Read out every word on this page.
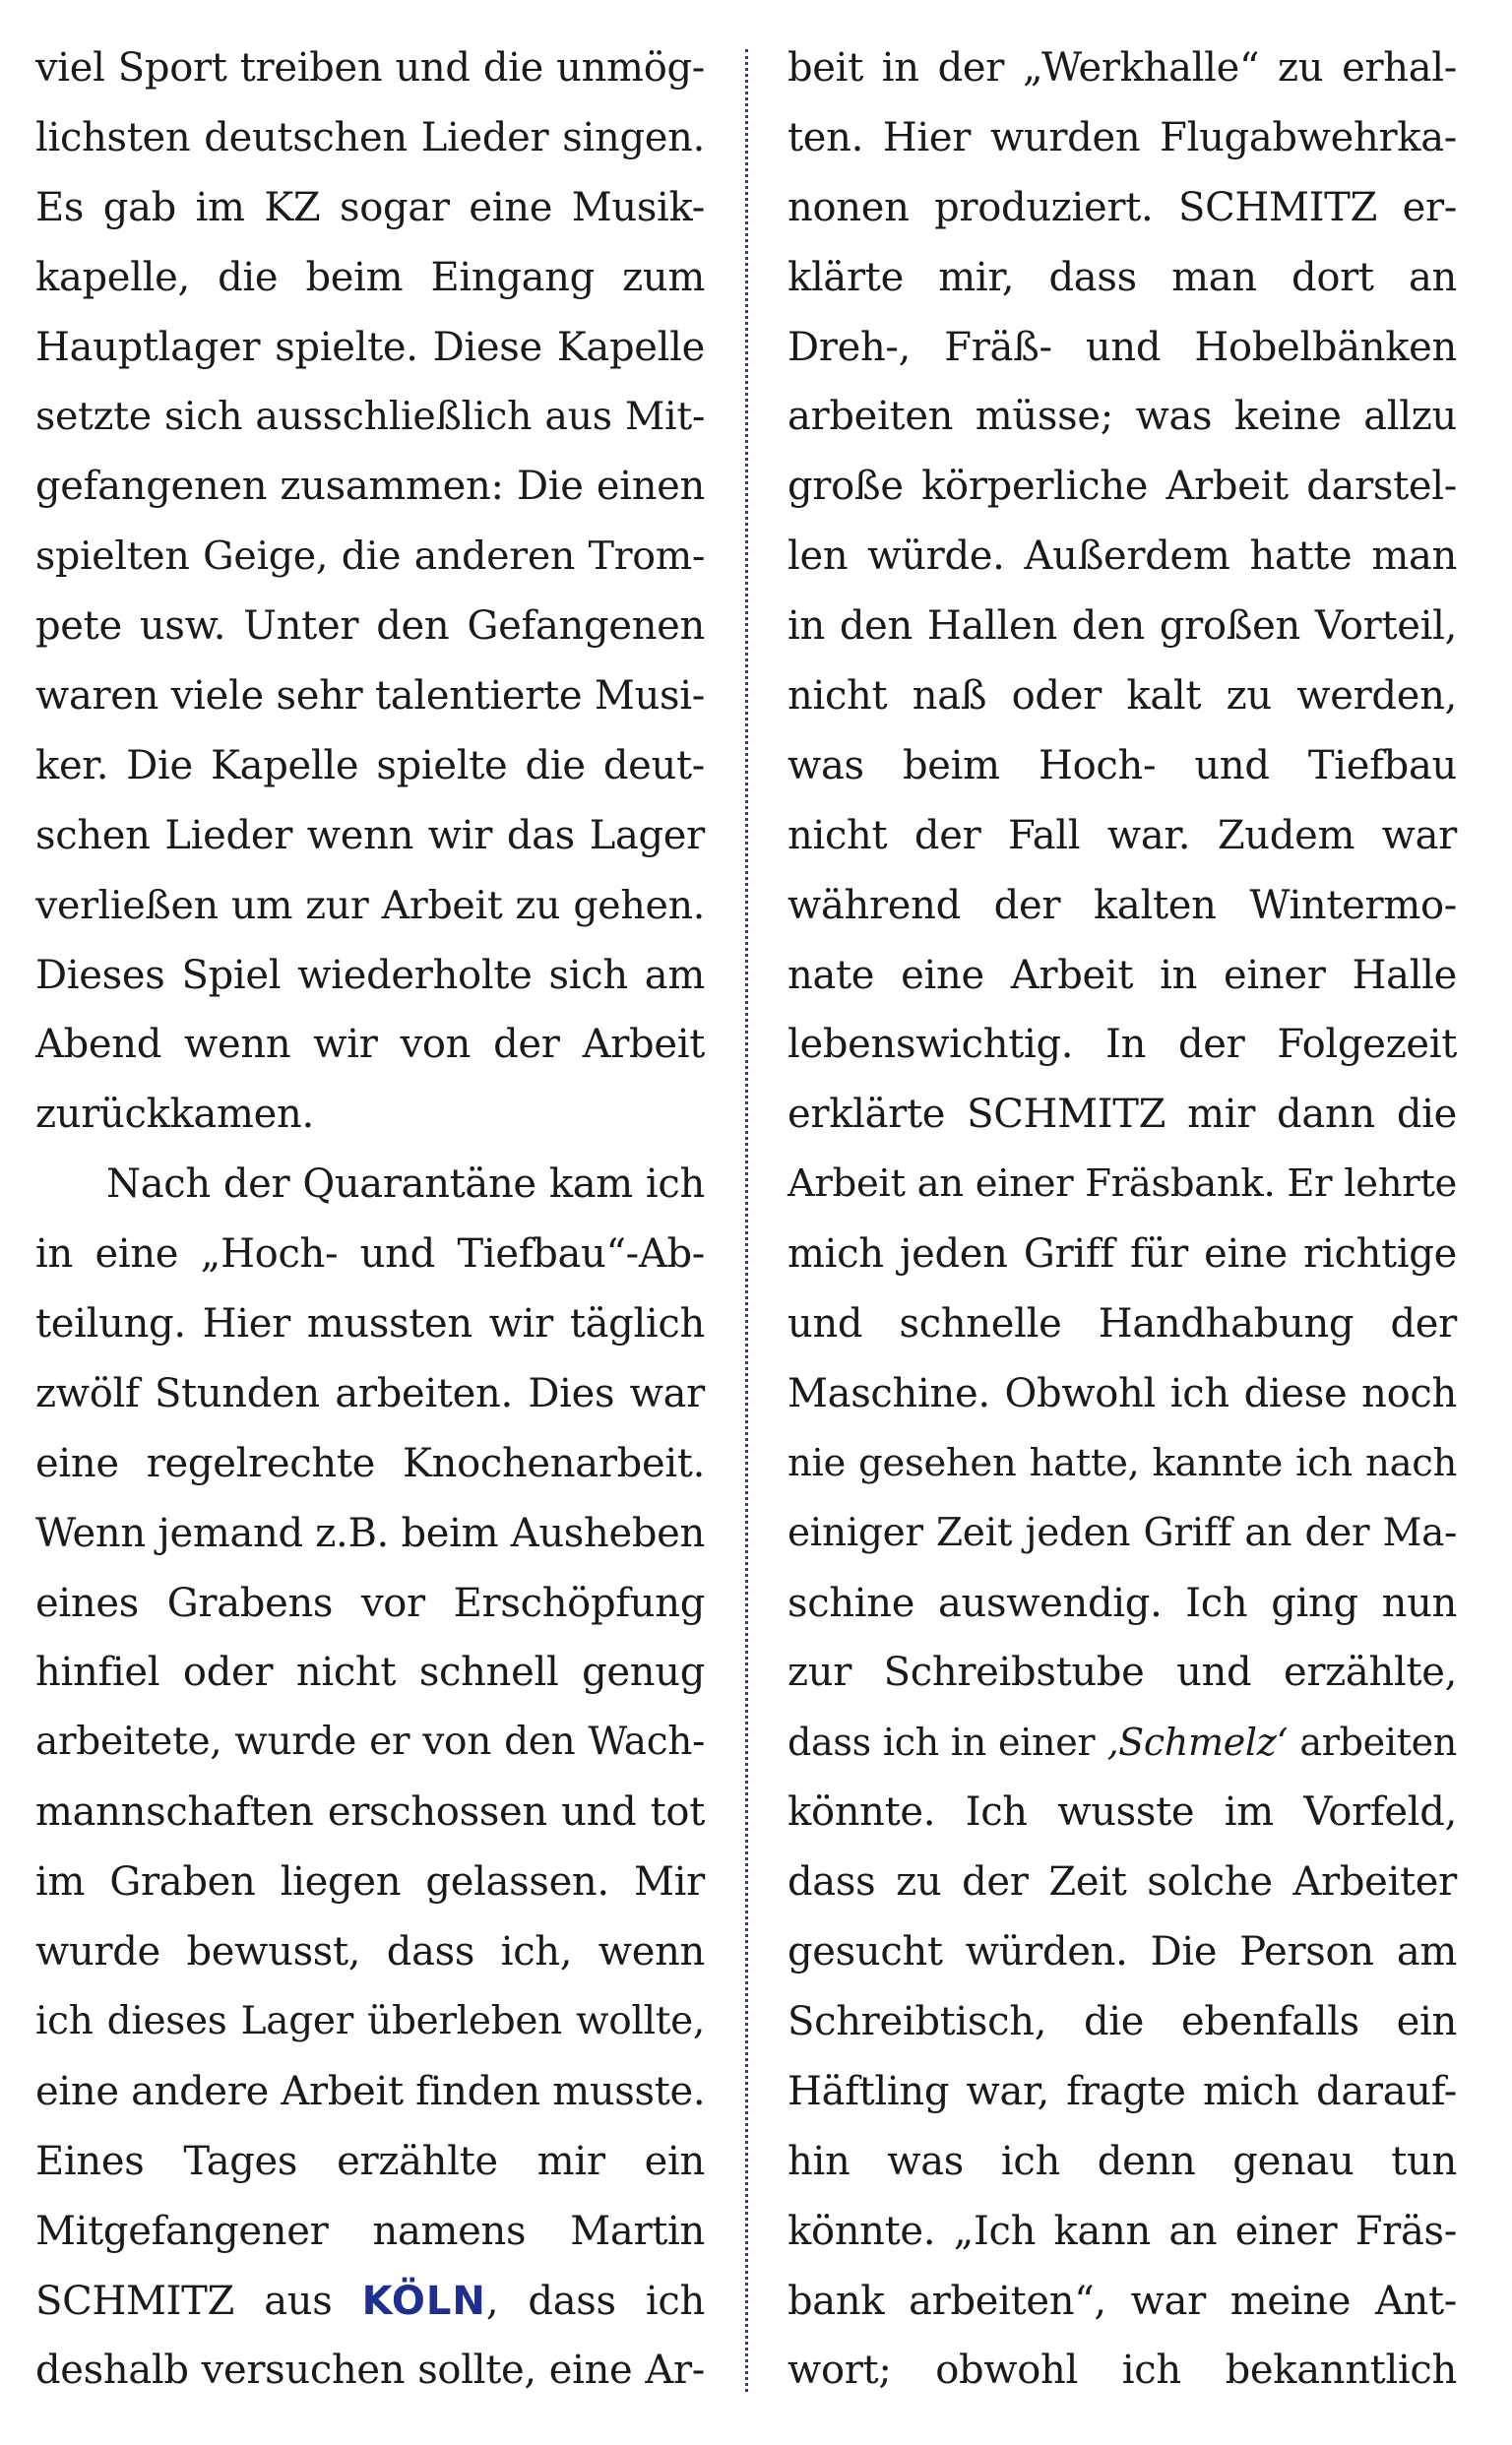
viel Sport treiben und die unmög-
lichsten deutschen Lieder singen.
Es gab im KZ sogar eine Musik-
kapelle, die beim Eingang zum
Hauptlager spielte. Diese Kapelle
setzte sich ausschließlich aus Mit-
gefangenen zusammen: Die einen
spielten Geige, die anderen Trom-
pete usw. Unter den Gefangenen
waren viele sehr talentierte Musi-
ker. Die Kapelle spielte die deut-
schen Lieder wenn wir das Lager
verließen um zur Arbeit zu gehen.
Dieses Spiel wiederholte sich am
Abend wenn wir von der Arbeit
zurückkamen.
Nach der Quarantäne kam ich
in eine „Hoch- und Tiefbau“-Ab-
teilung. Hier mussten wir täglich
zwölf Stunden arbeiten. Dies war
eine regelrechte Knochenarbeit.
Wenn jemand z.B. beim Ausheben
eines Grabens vor Erschöpfung
hinfiel oder nicht schnell genug
arbeitete, wurde er von den Wach-
mannschaften erschossen und tot
im Graben liegen gelassen. Mir
wurde bewusst, dass ich, wenn
ich dieses Lager überleben wollte,
eine andere Arbeit finden musste.
Eines Tages erzählte mir ein
Mitgefangener namens Martin
SCHMITZ aus KÖLN, dass ich
deshalb versuchen sollte, eine Ar-
beit in der „Werkhalle“ zu erhal-
ten. Hier wurden Flugabwehrka-
nonen produziert. SCHMITZ er-
klärte mir, dass man dort an
Dreh-, Fräß- und Hobelbänken
arbeiten müsse; was keine allzu
große körperliche Arbeit darstel-
len würde. Außerdem hatte man
in den Hallen den großen Vorteil,
nicht naß oder kalt zu werden,
was beim Hoch- und Tiefbau
nicht der Fall war. Zudem war
während der kalten Wintermo-
nate eine Arbeit in einer Halle
lebenswichtig. In der Folgezeit
erklärte SCHMITZ mir dann die
Arbeit an einer Fräsbank. Er lehrte
mich jeden Griff für eine richtige
und schnelle Handhabung der
Maschine. Obwohl ich diese noch
nie gesehen hatte, kannte ich nach
einiger Zeit jeden Griff an der Ma-
schine auswendig. Ich ging nun
zur Schreibstube und erzählte,
dass ich in einer ‚Schmelz‘ arbeiten
könnte. Ich wusste im Vorfeld,
dass zu der Zeit solche Arbeiter
gesucht würden. Die Person am
Schreibtisch, die ebenfalls ein
Häftling war, fragte mich darauf-
hin was ich denn genau tun
könnte. „Ich kann an einer Fräs-
bank arbeiten“, war meine Ant-
wort; obwohl ich bekanntlich
